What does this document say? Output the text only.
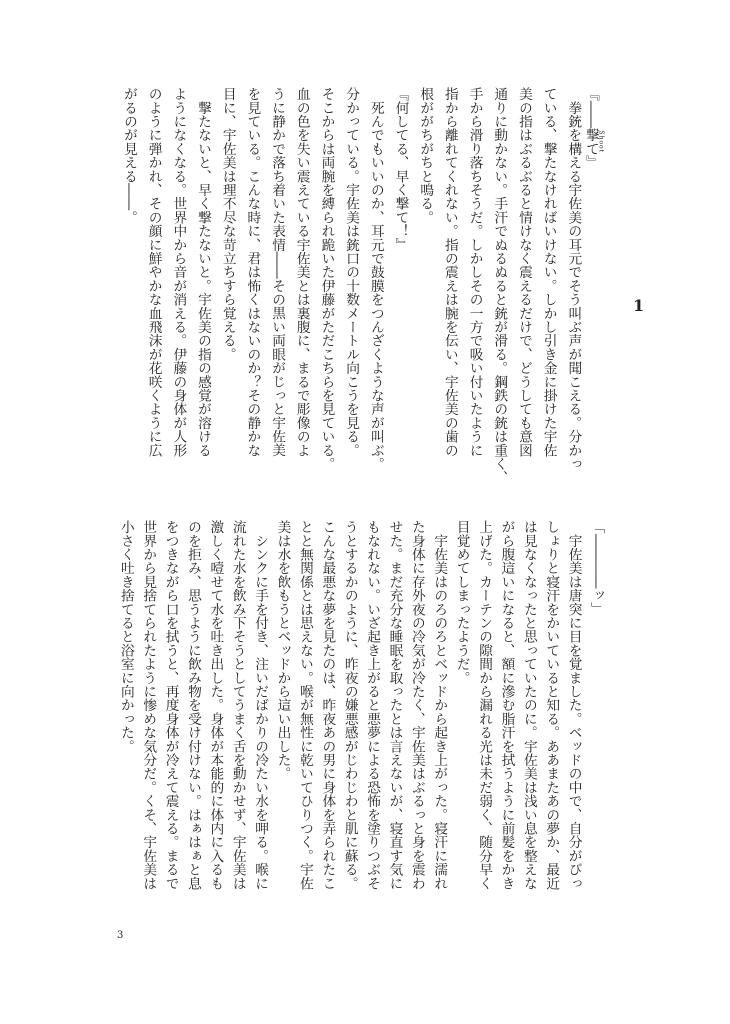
1
『――撃てShoot』
　拳銃を構える宇佐美の耳元でそう叫ぶ声が聞こえる。分かっ
ている、撃たなければいけない。しかし引き金に掛けた宇佐
美の指はぶるぶると情けなく震えるだけで、どうしても意図
通りに動かない。手汗でぬるぬると銃が滑る。鋼鉄の銃は重く、
手から滑り落ちそうだ。しかしその一方で吸い付いたように
指から離れてくれない。指の震えは腕を伝い、宇佐美の歯の
根ががちがちと鳴る。
『何してる、早く撃て！』
　死んでもいいのか、耳元で鼓膜をつんざくような声が叫ぶ。
分かっている。宇佐美は銃口の十数メートル向こうを見る。
そこからは両腕を縛られ跪いた伊藤がただこちらを見ている。
血の色を失い震えている宇佐美とは裏腹に、まるで彫像のよ
うに静かで落ち着いた表情――その黒い両眼がじっと宇佐美
を見ている。こんな時に、君は怖くはないのか？その静かな
目に、宇佐美は理不尽な苛立ちすら覚える。
　撃たないと、早く撃たないと。宇佐美の指の感覚が溶ける
ようになくなる。世界中から音が消える。伊藤の身体が人形
のように弾かれ、その顔に鮮やかな血飛沫が花咲くように広
がるのが見える――。
「――――ッ」
　宇佐美は唐突に目を覚ました。ベッドの中で、自分がびっ
しょりと寝汗をかいていると知る。ああまたあの夢か、最近
は見なくなったと思っていたのに。宇佐美は浅い息を整えな
がら腹這いになると、額に滲む脂汗を拭うように前髪をかき
上げた。カーテンの隙間から漏れる光は未だ弱く、随分早く
目覚めてしまったようだ。
　宇佐美はのろのろとベッドから起き上がった。寝汗に濡れ
た身体に存外夜の冷気が冷たく、宇佐美はぶるっと身を震わ
せた。まだ充分な睡眠を取ったとは言えないが、寝直す気に
もなれない。いざ起き上がると悪夢による恐怖を塗りつぶそ
うとするかのように、昨夜の嫌悪感がじわじわと肌に蘇る。
こんな最悪な夢を見たのは、昨夜あの男に身体を弄られたこ
とと無関係とは思えない。喉が無性に乾いてひりつく。宇佐
美は水を飲もうとベッドから這い出した。
　シンクに手を付き、注いだばかりの冷たい水を呷る。喉に
流れた水を飲み下そうとしてうまく舌を動かせず、宇佐美は
激しく噎せて水を吐き出した。身体が本能的に体内に入るも
のを拒み、思うように飲み物を受け付けない。はぁはぁと息
をつきながら口を拭うと、再度身体が冷えて震える。まるで
世界から見捨てられたように惨めな気分だ。くそ、宇佐美は
小さく吐き捨てると浴室に向かった。
3
